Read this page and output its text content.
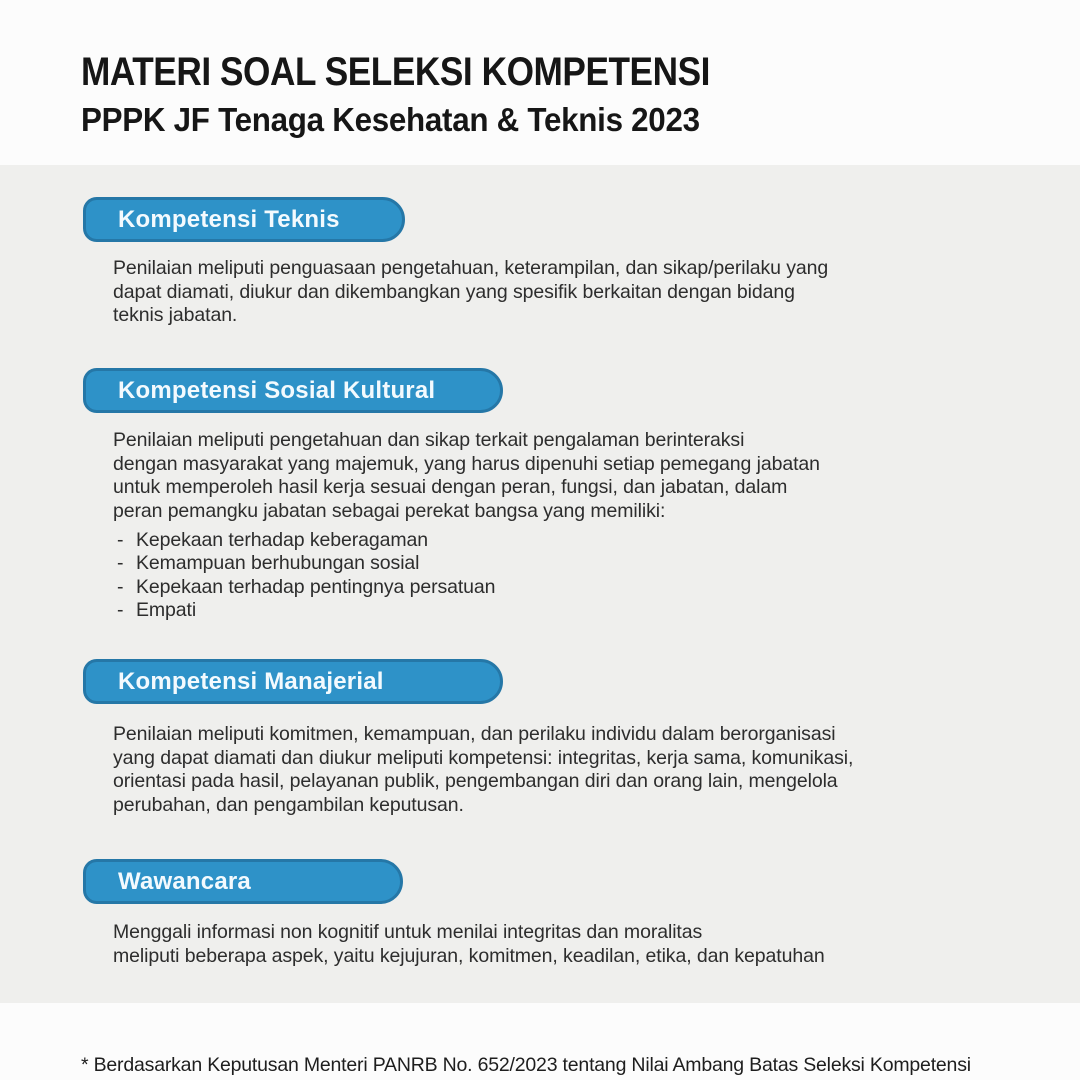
MATERI SOAL SELEKSI KOMPETENSI
PPPK JF Tenaga Kesehatan & Teknis 2023
Kompetensi Teknis
Penilaian meliputi penguasaan pengetahuan, keterampilan, dan sikap/perilaku yang
dapat diamati, diukur dan dikembangkan yang spesifik berkaitan dengan bidang
teknis jabatan.
Kompetensi Sosial Kultural
Penilaian meliputi pengetahuan dan sikap terkait pengalaman berinteraksi
dengan masyarakat yang majemuk, yang harus dipenuhi setiap pemegang jabatan
untuk memperoleh hasil kerja sesuai dengan peran, fungsi, dan jabatan, dalam
peran pemangku jabatan sebagai perekat bangsa yang memiliki:
- Kepekaan terhadap keberagaman
- Kemampuan berhubungan sosial
- Kepekaan terhadap pentingnya persatuan
- Empati
Kompetensi Manajerial
Penilaian meliputi komitmen, kemampuan, dan perilaku individu dalam berorganisasi
yang dapat diamati dan diukur meliputi kompetensi: integritas, kerja sama, komunikasi,
orientasi pada hasil, pelayanan publik, pengembangan diri dan orang lain, mengelola
perubahan, dan pengambilan keputusan.
Wawancara
Menggali informasi non kognitif untuk menilai integritas dan moralitas
meliputi beberapa aspek, yaitu kejujuran, komitmen, keadilan, etika, dan kepatuhan
* Berdasarkan Keputusan Menteri PANRB No. 652/2023 tentang Nilai Ambang Batas Seleksi Kompetensi
